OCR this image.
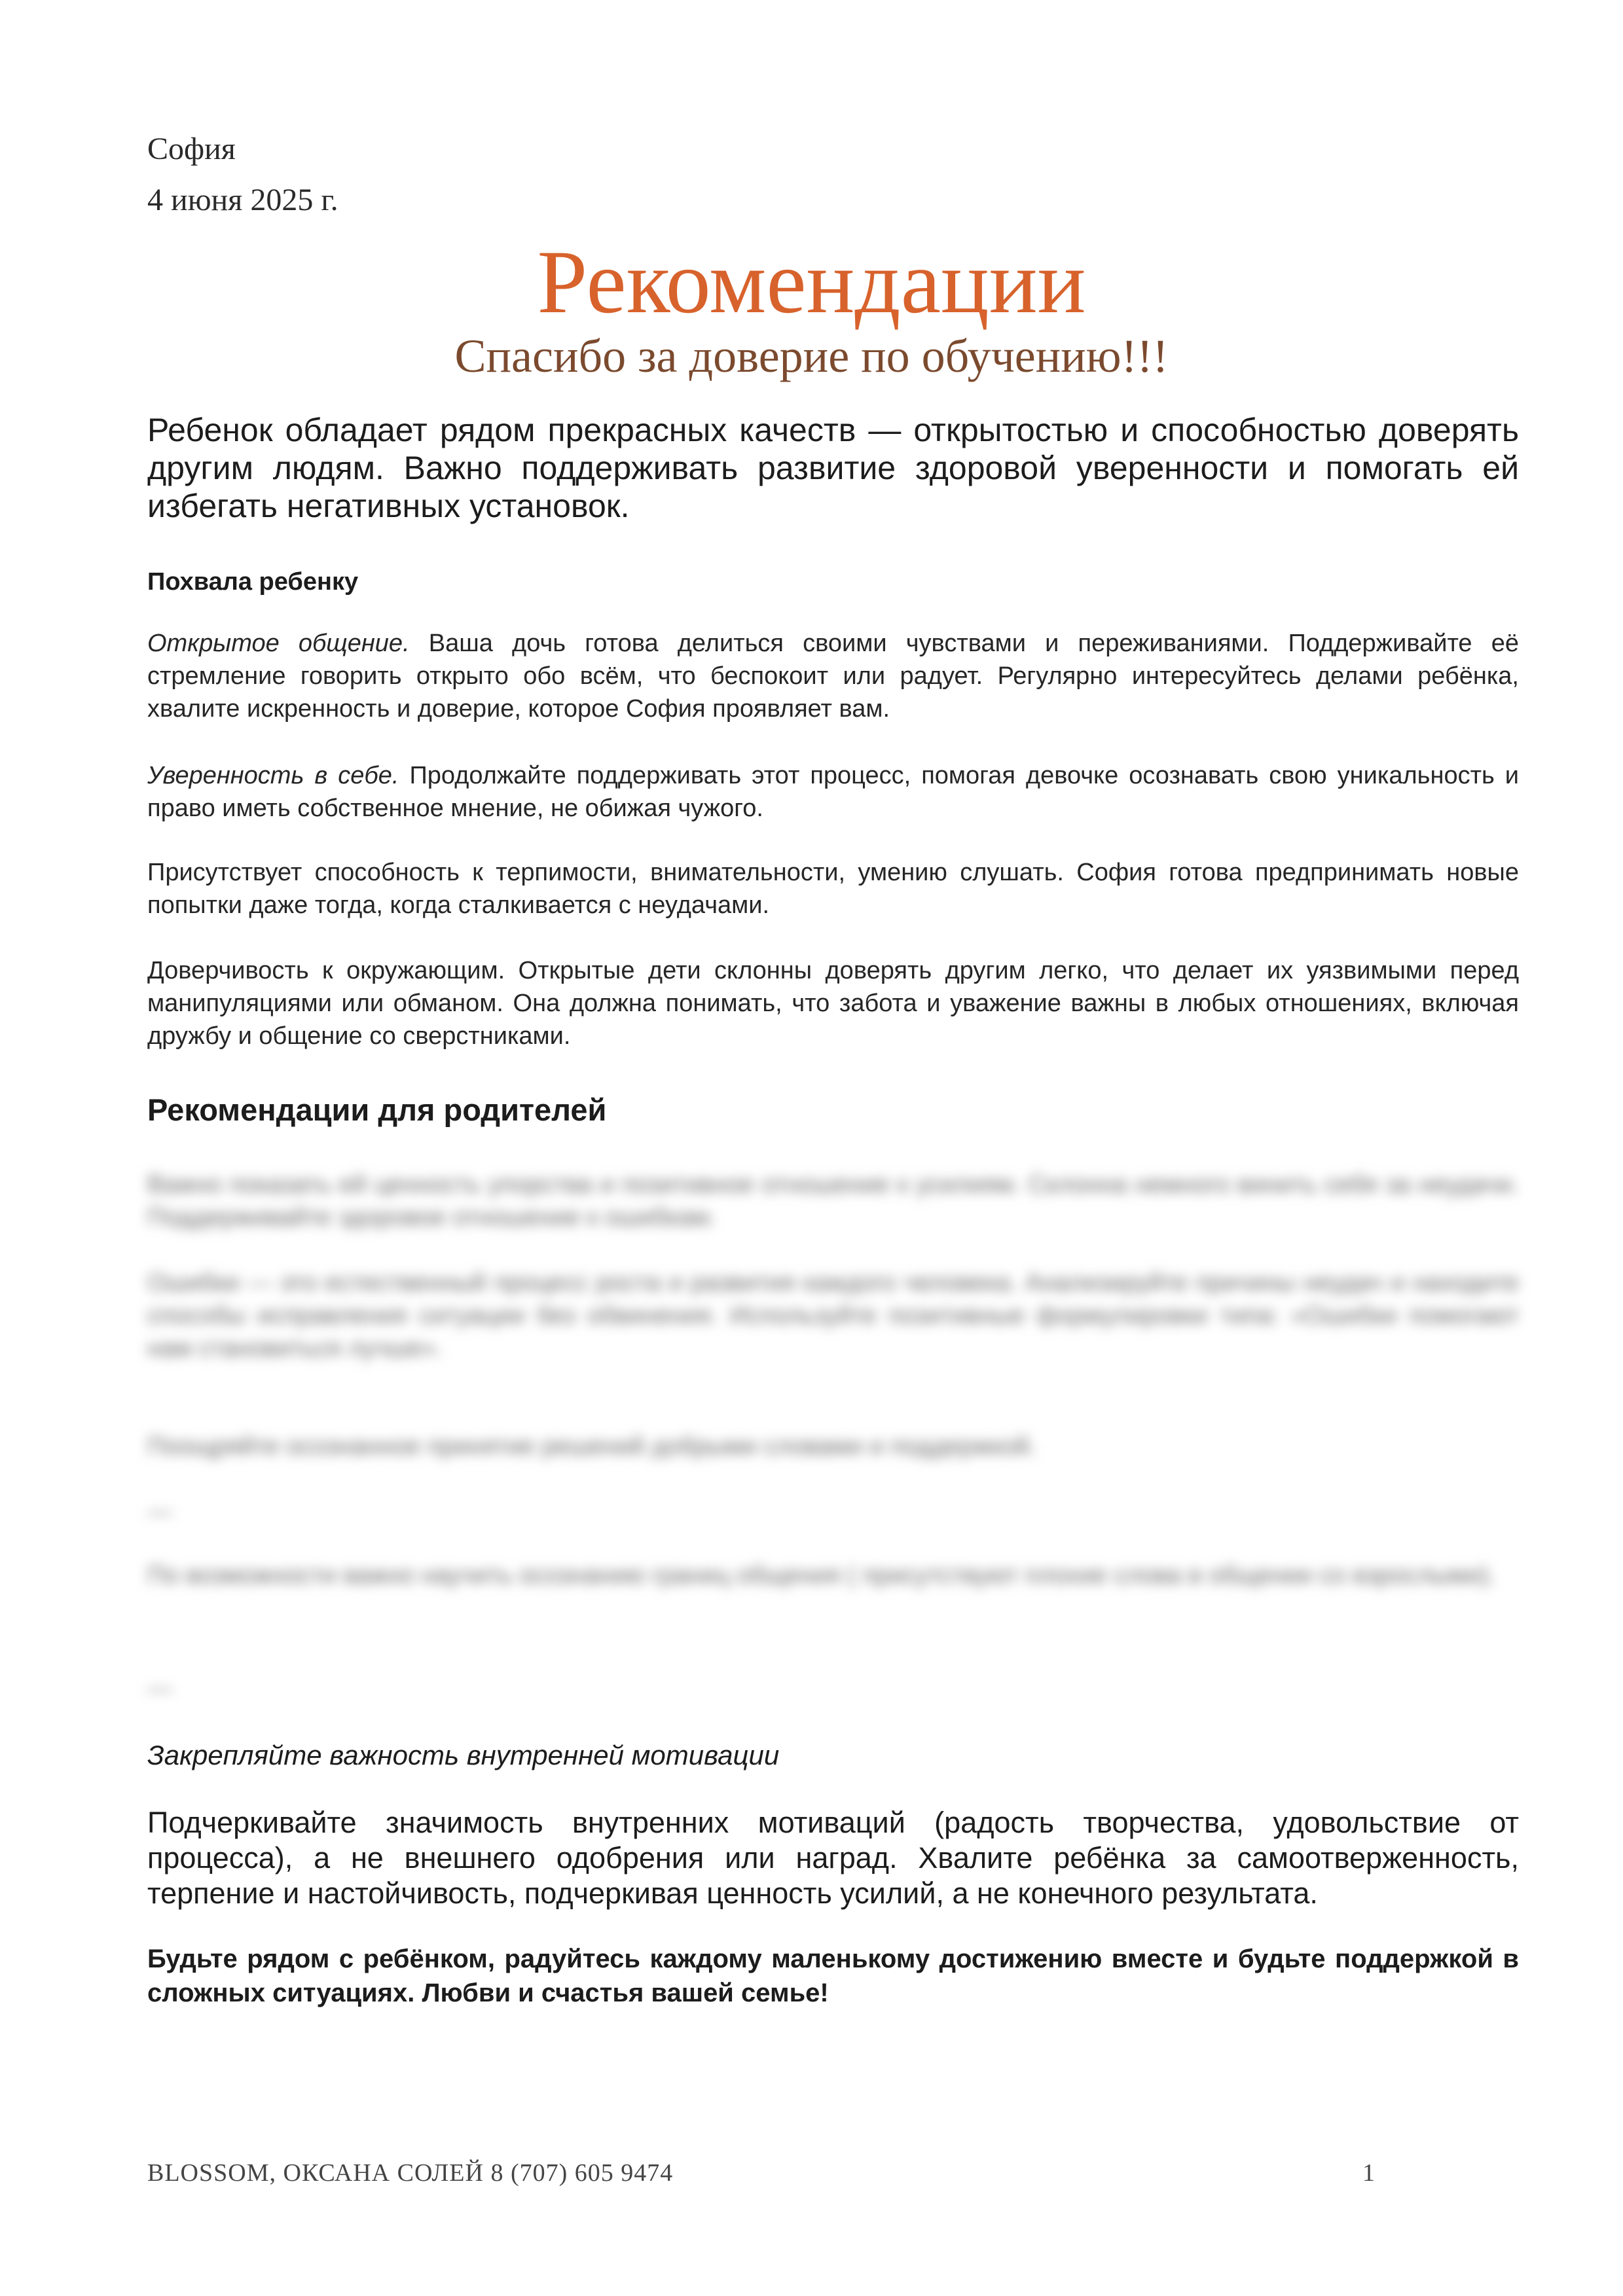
София
4 июня 2025 г.
Рекомендации
Спасибо за доверие по обучению!!!
Ребенок обладает рядом прекрасных качеств — открытостью и способностью доверять другим людям. Важно поддерживать развитие здоровой уверенности и помогать ей избегать негативных установок.
Похвала ребенку
Открытое общение. Ваша дочь готова делиться своими чувствами и переживаниями. Поддерживайте её стремление говорить открыто обо всём, что беспокоит или радует. Регулярно интересуйтесь делами ребёнка, хвалите искренность и доверие, которое София проявляет вам.
Уверенность в себе. Продолжайте поддерживать этот процесс, помогая девочке осознавать свою уникальность и право иметь собственное мнение, не обижая чужого.
Присутствует способность к терпимости, внимательности, умению слушать. София готова предпринимать новые попытки даже тогда, когда сталкивается с неудачами.
Доверчивость к окружающим. Открытые дети склонны доверять другим легко, что делает их уязвимыми перед манипуляциями или обманом. Она должна понимать, что забота и уважение важны в любых отношениях, включая дружбу и общение со сверстниками.
Рекомендации для родителей
Важно показать ей ценность упорства и позитивное отношение к усилиям. Склонна немного винить себя за неудачи. Поддерживайте здоровое отношение к ошибкам.
Ошибки — это естественный процесс роста и развития каждого человека. Анализируйте причины неудач и находите способы исправления ситуации без обвинения. Используйте позитивные формулировки типа: «Ошибки помогают нам становиться лучше».
Поощряйте осознанное принятие решений добрыми словами и поддержкой.
—
По возможности важно научить осознанию границ общения ( присутствуют плохие слова в общении со взрослыми).
—
Закрепляйте важность внутренней мотивации
Подчеркивайте значимость внутренних мотиваций (радость творчества, удовольствие от процесса), а не внешнего одобрения или наград. Хвалите ребёнка за самоотверженность, терпение и настойчивость, подчеркивая ценность усилий, а не конечного результата.
Будьте рядом с ребёнком, радуйтесь каждому маленькому достижению вместе и будьте поддержкой в сложных ситуациях. Любви и счастья вашей семье!
BLOSSOM, ОКСАНА СОЛЕЙ 8 (707) 605 9474	1
